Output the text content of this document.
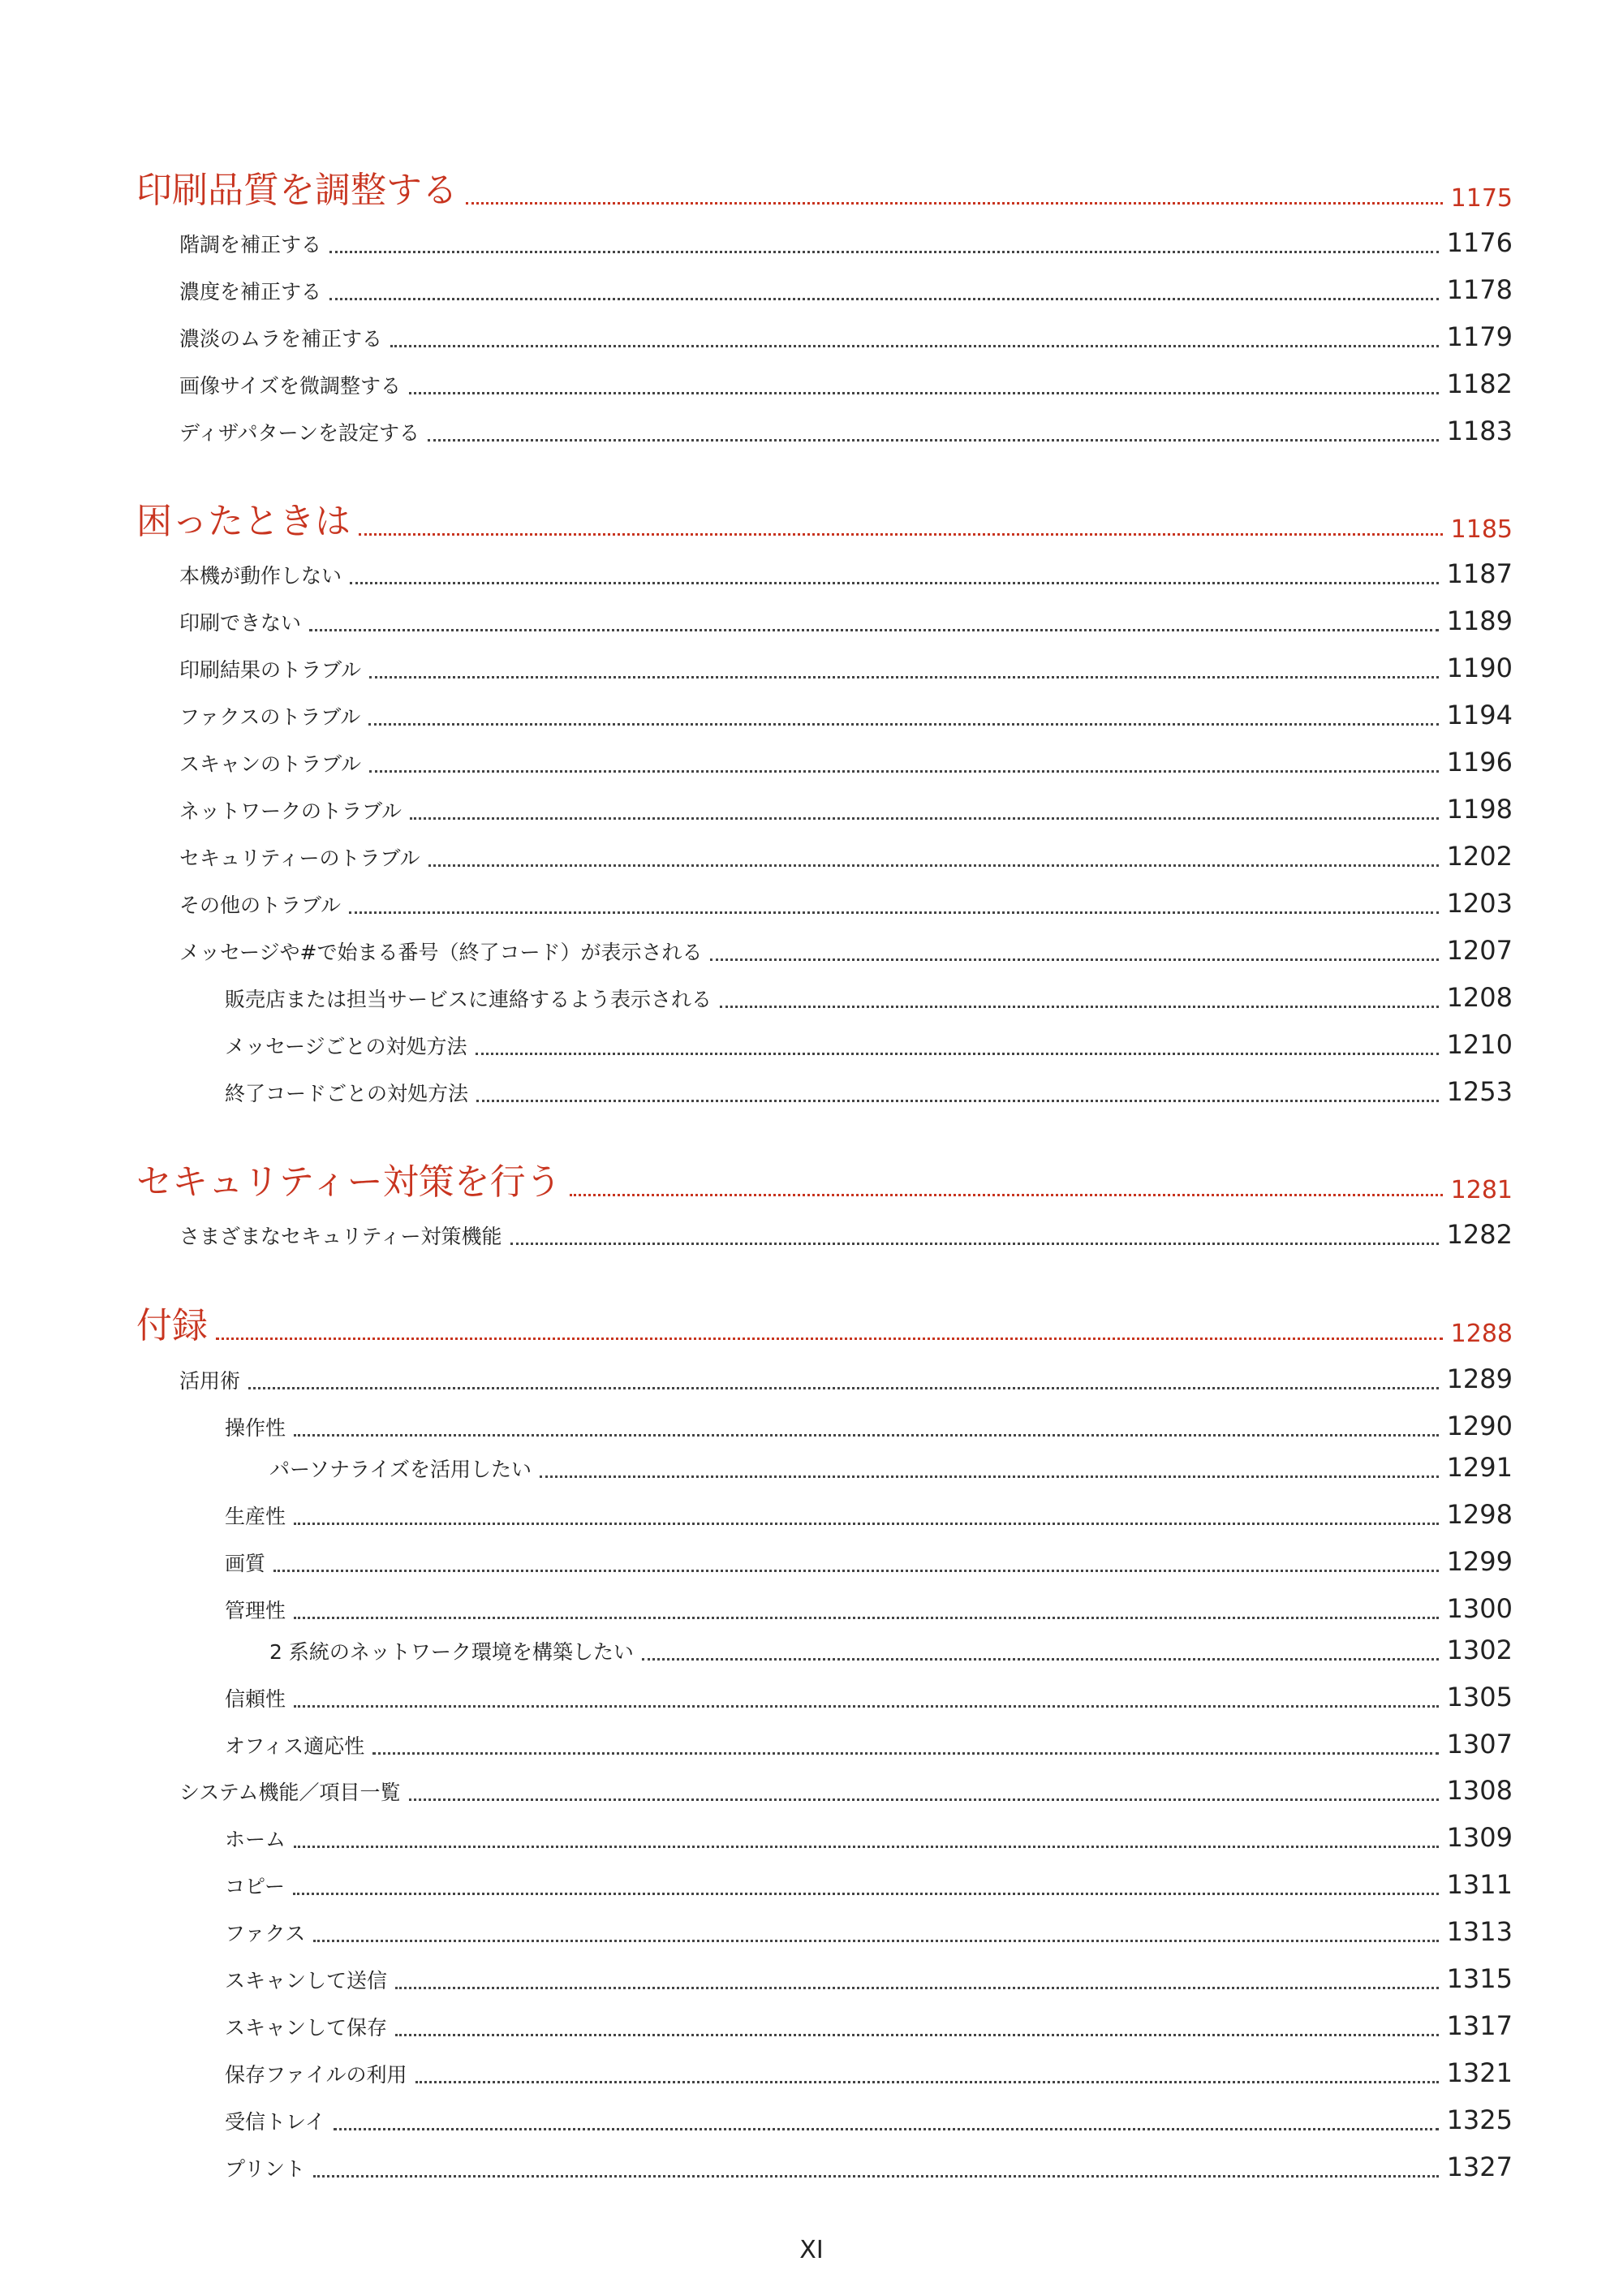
印刷品質を調整する	1175
階調を補正する	1176
濃度を補正する	1178
濃淡のムラを補正する	1179
画像サイズを微調整する	1182
ディザパターンを設定する	1183
困ったときは	1185
本機が動作しない	1187
印刷できない	1189
印刷結果のトラブル	1190
ファクスのトラブル	1194
スキャンのトラブル	1196
ネットワークのトラブル	1198
セキュリティーのトラブル	1202
その他のトラブル	1203
メッセージや#で始まる番号（終了コード）が表示される	1207
販売店または担当サービスに連絡するよう表示される	1208
メッセージごとの対処方法	1210
終了コードごとの対処方法	1253
セキュリティー対策を行う	1281
さまざまなセキュリティー対策機能	1282
付録	1288
活用術	1289
操作性	1290
パーソナライズを活用したい	1291
生産性	1298
画質	1299
管理性	1300
2 系統のネットワーク環境を構築したい	1302
信頼性	1305
オフィス適応性	1307
システム機能／項目一覧	1308
ホーム	1309
コピー	1311
ファクス	1313
スキャンして送信	1315
スキャンして保存	1317
保存ファイルの利用	1321
受信トレイ	1325
プリント	1327
XI
